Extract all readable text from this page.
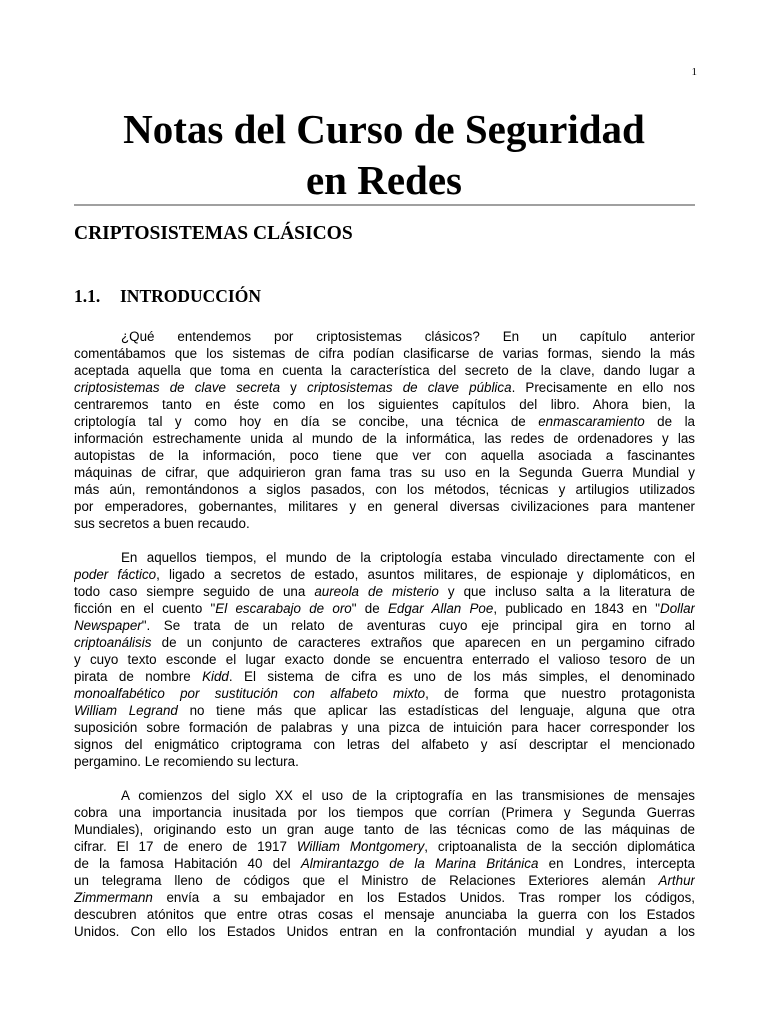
1
Notas del Curso de Seguridad
en Redes
CRIPTOSISTEMAS CLÁSICOS
1.1. INTRODUCCIÓN
¿Qué entendemos por criptosistemas clásicos? En un capítulo anterior
comentábamos que los sistemas de cifra podían clasificarse de varias formas, siendo la más
aceptada aquella que toma en cuenta la característica del secreto de la clave, dando lugar a
criptosistemas de clave secreta y criptosistemas de clave pública. Precisamente en ello nos
centraremos tanto en éste como en los siguientes capítulos del libro. Ahora bien, la
criptología tal y como hoy en día se concibe, una técnica de enmascaramiento de la
información estrechamente unida al mundo de la informática, las redes de ordenadores y las
autopistas de la información, poco tiene que ver con aquella asociada a fascinantes
máquinas de cifrar, que adquirieron gran fama tras su uso en la Segunda Guerra Mundial y
más aún, remontándonos a siglos pasados, con los métodos, técnicas y artilugios utilizados
por emperadores, gobernantes, militares y en general diversas civilizaciones para mantener
sus secretos a buen recaudo.
En aquellos tiempos, el mundo de la criptología estaba vinculado directamente con el
poder fáctico, ligado a secretos de estado, asuntos militares, de espionaje y diplomáticos, en
todo caso siempre seguido de una aureola de misterio y que incluso salta a la literatura de
ficción en el cuento "El escarabajo de oro" de Edgar Allan Poe, publicado en 1843 en "Dollar
Newspaper". Se trata de un relato de aventuras cuyo eje principal gira en torno al
criptoanálisis de un conjunto de caracteres extraños que aparecen en un pergamino cifrado
y cuyo texto esconde el lugar exacto donde se encuentra enterrado el valioso tesoro de un
pirata de nombre Kidd. El sistema de cifra es uno de los más simples, el denominado
monoalfabético por sustitución con alfabeto mixto, de forma que nuestro protagonista
William Legrand no tiene más que aplicar las estadísticas del lenguaje, alguna que otra
suposición sobre formación de palabras y una pizca de intuición para hacer corresponder los
signos del enigmático criptograma con letras del alfabeto y así descriptar el mencionado
pergamino. Le recomiendo su lectura.
A comienzos del siglo XX el uso de la criptografía en las transmisiones de mensajes
cobra una importancia inusitada por los tiempos que corrían (Primera y Segunda Guerras
Mundiales), originando esto un gran auge tanto de las técnicas como de las máquinas de
cifrar. El 17 de enero de 1917 William Montgomery, criptoanalista de la sección diplomática
de la famosa Habitación 40 del Almirantazgo de la Marina Británica en Londres, intercepta
un telegrama lleno de códigos que el Ministro de Relaciones Exteriores alemán Arthur
Zimmermann envía a su embajador en los Estados Unidos. Tras romper los códigos,
descubren atónitos que entre otras cosas el mensaje anunciaba la guerra con los Estados
Unidos. Con ello los Estados Unidos entran en la confrontación mundial y ayudan a los
